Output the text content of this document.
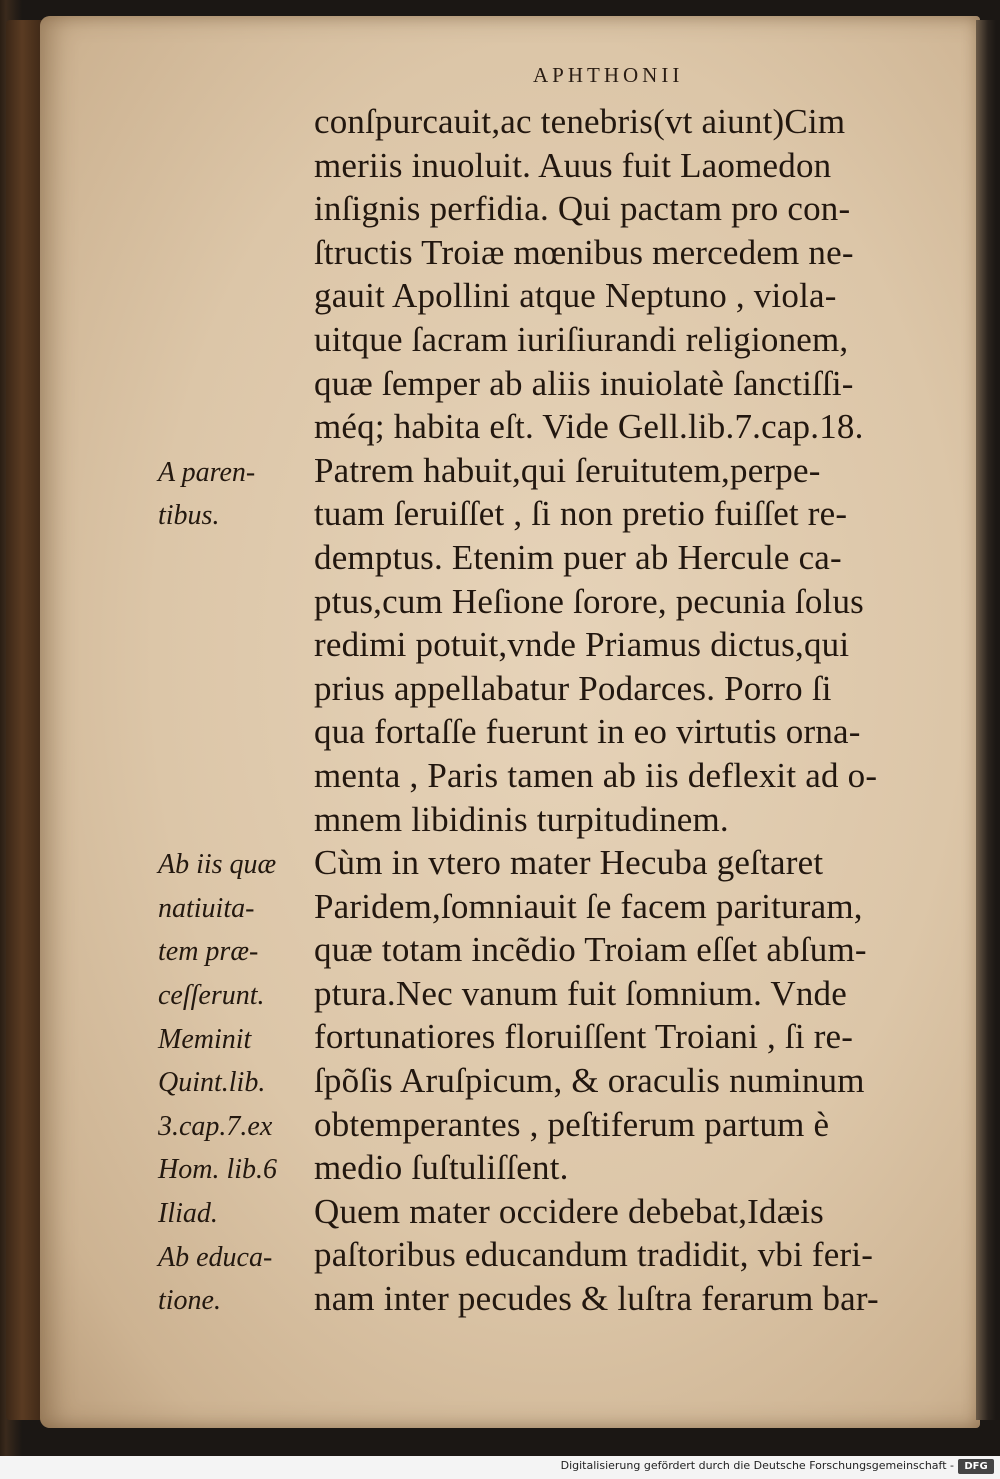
APHTHONII
conſpurcauit,ac tenebris(vt aiunt)Cim
meriis inuoluit. Auus fuit Laomedon
inſignis perfidia. Qui pactam pro con-
ſtructis Troiæ mœnibus mercedem ne-
gauit Apollini atque Neptuno , viola-
uitque ſacram iuriſiurandi religionem,
quæ ſemper ab aliis inuiolatè ſanctiſſi-
méq; habita eſt. Vide Gell.lib.7.cap.18.
Patrem habuit,qui ſeruitutem,perpe-
tuam ſeruiſſet , ſi non pretio fuiſſet re-
demptus. Etenim puer ab Hercule ca-
ptus,cum Heſione ſorore, pecunia ſolus
redimi potuit,vnde Priamus dictus,qui
prius appellabatur Podarces. Porro ſi
qua fortaſſe fuerunt in eo virtutis orna-
menta , Paris tamen ab iis deflexit ad o-
mnem libidinis turpitudinem.
Cùm in vtero mater Hecuba geſtaret
Paridem,ſomniauit ſe facem parituram,
quæ totam incẽdio Troiam eſſet abſum-
ptura.Nec vanum fuit ſomnium. Vnde
fortunatiores floruiſſent Troiani , ſi re-
ſpõſis Aruſpicum, & oraculis numinum
obtemperantes , peſtiferum partum è
medio ſuſtuliſſent.
Quem mater occidere debebat,Idæis
paſtoribus educandum tradidit, vbi feri-
nam inter pecudes & luſtra ferarum bar-
A paren-
tibus.
Ab iis quæ
natiuita-
tem præ-
ceſſerunt.
Meminit
Quint.lib.
3.cap.7.ex
Hom. lib.6
Iliad.
Ab educa-
tione.
Digitalisierung gefördert durch die Deutsche Forschungsgemeinschaft -	DFG
